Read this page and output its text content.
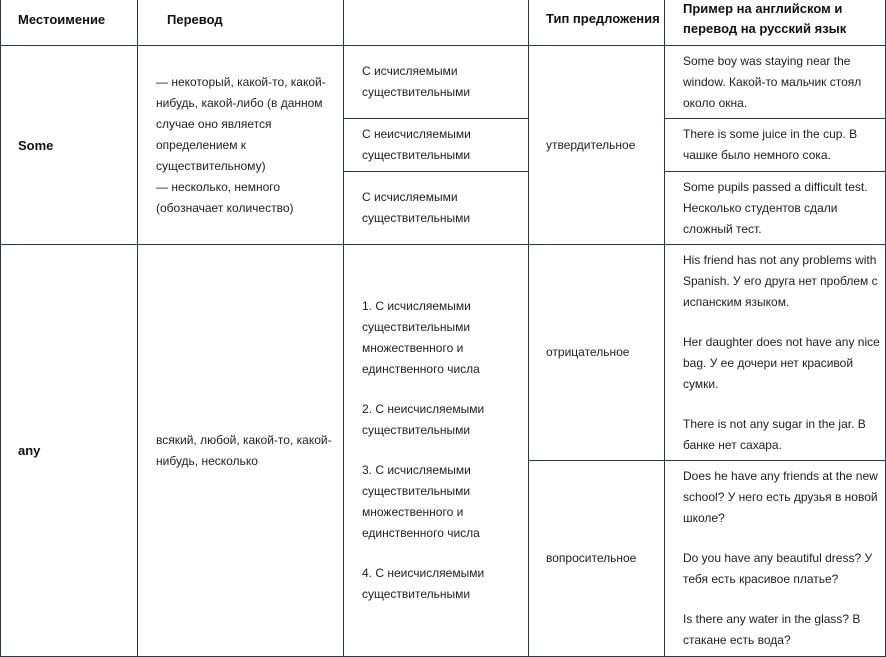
Местоимение	Перевод	Тип предложения
Пример на английском и перевод на русский язык
Some
— некоторый, какой-то, какой-нибудь, какой-либо (в данном случае оно является определением к существительному)
— несколько, немного (обозначает количество)
С исчисляемыми существительными
С неисчисляемыми существительными
С исчисляемыми существительными
утвердительное
Some boy was staying near the window. Какой-то мальчик стоял около окна.
There is some juice in the cup. В чашке было немного сока.
Some pupils passed a difficult test. Несколько студентов сдали сложный тест.
any
всякий, любой, какой-то, какой-нибудь, несколько

1. С исчисляемыми существительными множественного и единственного числа

2. С неисчисляемыми существительными

3. С исчисляемыми существительными множественного и единственного числа

4. С неисчисляемыми существительными

отрицательное
вопросительное

His friend has not any problems with Spanish. У его друга нет проблем с испанским языком.

Her daughter does not have any nice bag. У ее дочери нет красивой сумки.

There is not any sugar in the jar. В банке нет сахара.

Does he have any friends at the new school? У него есть друзья в новой школе?

Do you have any beautiful dress? У тебя есть красивое платье?

Is there any water in the glass? В стакане есть вода?
